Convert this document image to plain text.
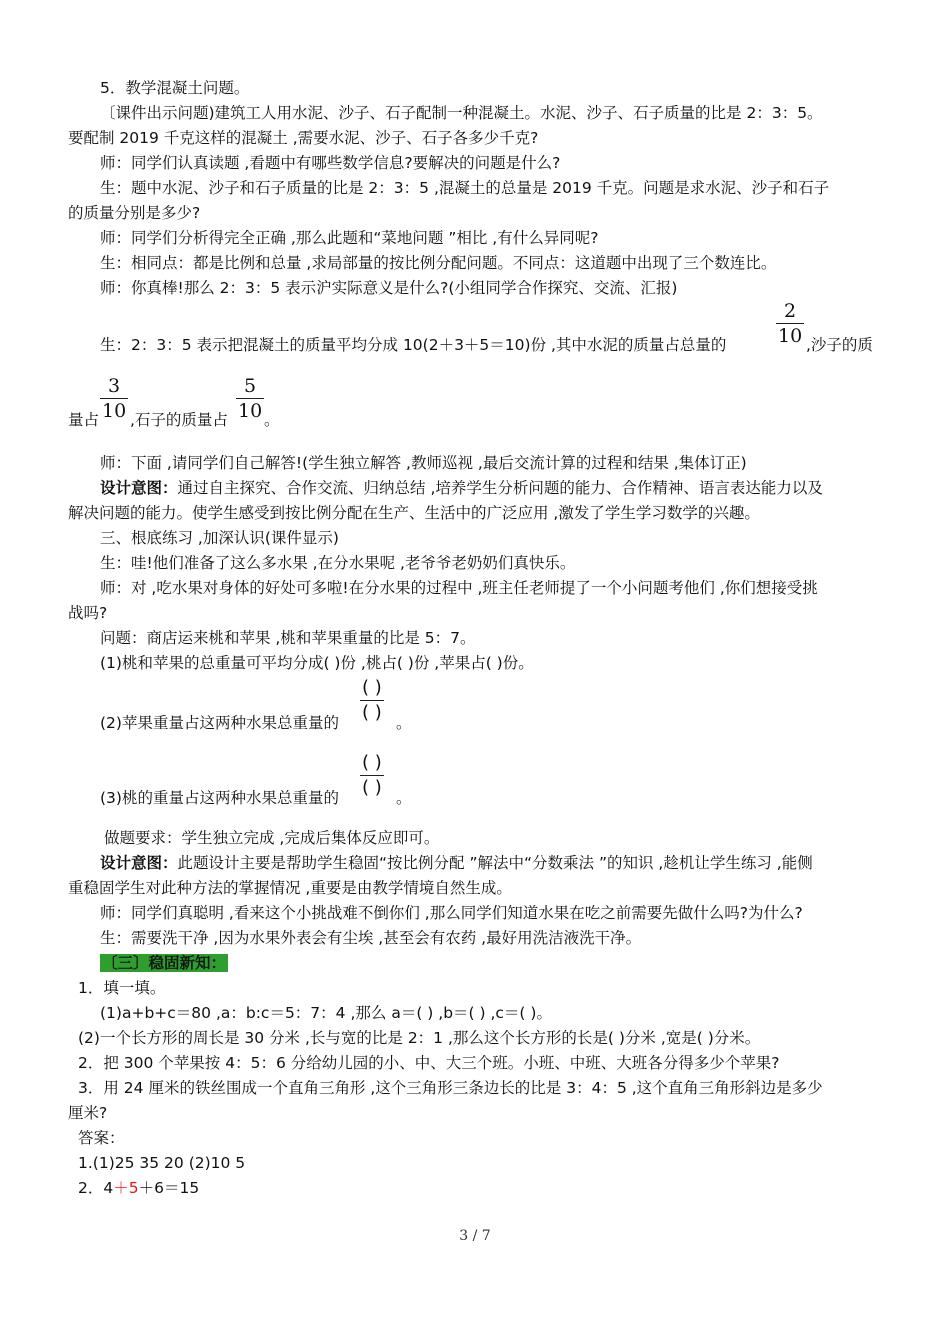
5．教学混凝土问题。
〔课件出示问题)建筑工人用水泥、沙子、石子配制一种混凝土。水泥、沙子、石子质量的比是 2：3：5。
要配制 2019 千克这样的混凝土 ,需要水泥、沙子、石子各多少千克?
师：同学们认真读题 ,看题中有哪些数学信息?要解决的问题是什么?
生：题中水泥、沙子和石子质量的比是 2：3：5 ,混凝土的总量是 2019 千克。问题是求水泥、沙子和石子
的质量分别是多少?
师：同学们分析得完全正确 ,那么此题和“菜地问题 ”相比 ,有什么异同呢?
生：相同点：都是比例和总量 ,求局部量的按比例分配问题。不同点：这道题中出现了三个数连比。
师：你真棒!那么 2：3：5 表示沪实际意义是什么?(小组同学合作探究、交流、汇报)
生：2：3：5 表示把混凝土的质量平均分成 10(2＋3＋5＝10)份 ,其中水泥的质量占总量的
2
10 ,沙子的质
量占
3
10 ,石子的质量占
5
10 。
师：下面 ,请同学们自己解答!(学生独立解答 ,教师巡视 ,最后交流计算的过程和结果 ,集体订正)
设计意图：通过自主探究、合作交流、归纳总结 ,培养学生分析问题的能力、合作精神、语言表达能力以及
解决问题的能力。使学生感受到按比例分配在生产、生活中的广泛应用 ,激发了学生学习数学的兴趣。
三、根底练习 ,加深认识(课件显示)
生：哇!他们准备了这么多水果 ,在分水果呢 ,老爷爷老奶奶们真快乐。
师：对 ,吃水果对身体的好处可多啦!在分水果的过程中 ,班主任老师提了一个小问题考他们 ,你们想接受挑
战吗?
问题：商店运来桃和苹果 ,桃和苹果重量的比是 5：7。
(1)桃和苹果的总重量可平均分成( )份 ,桃占( )份 ,苹果占( )份。
(2)苹果重量占这两种水果总重量的
( )
( ) 。
(3)桃的重量占这两种水果总重量的
( )
( ) 。
做题要求：学生独立完成 ,完成后集体反应即可。
设计意图：此题设计主要是帮助学生稳固“按比例分配 ”解法中“分数乘法 ”的知识 ,趁机让学生练习 ,能侧
重稳固学生对此种方法的掌握情况 ,重要是由教学情境自然生成。
师：同学们真聪明 ,看来这个小挑战难不倒你们 ,那么同学们知道水果在吃之前需要先做什么吗?为什么?
生：需要洗干净 ,因为水果外表会有尘埃 ,甚至会有农药 ,最好用洗洁液洗干净。
〔三〕稳固新知：
1．填一填。
(1)a+b+c＝80 ,a：b:c＝5：7：4 ,那么 a＝( ) ,b＝( ) ,c＝( )。
(2)一个长方形的周长是 30 分米 ,长与宽的比是 2：1 ,那么这个长方形的长是( )分米 ,宽是( )分米。
2．把 300 个苹果按 4：5：6 分给幼儿园的小、中、大三个班。小班、中班、大班各分得多少个苹果?
3．用 24 厘米的铁丝围成一个直角三角形 ,这个三角形三条边长的比是 3：4：5 ,这个直角三角形斜边是多少
厘米?
答案：
1.(1)25 35 20 (2)10 5
2．4＋5＋6＝15
3 / 7
